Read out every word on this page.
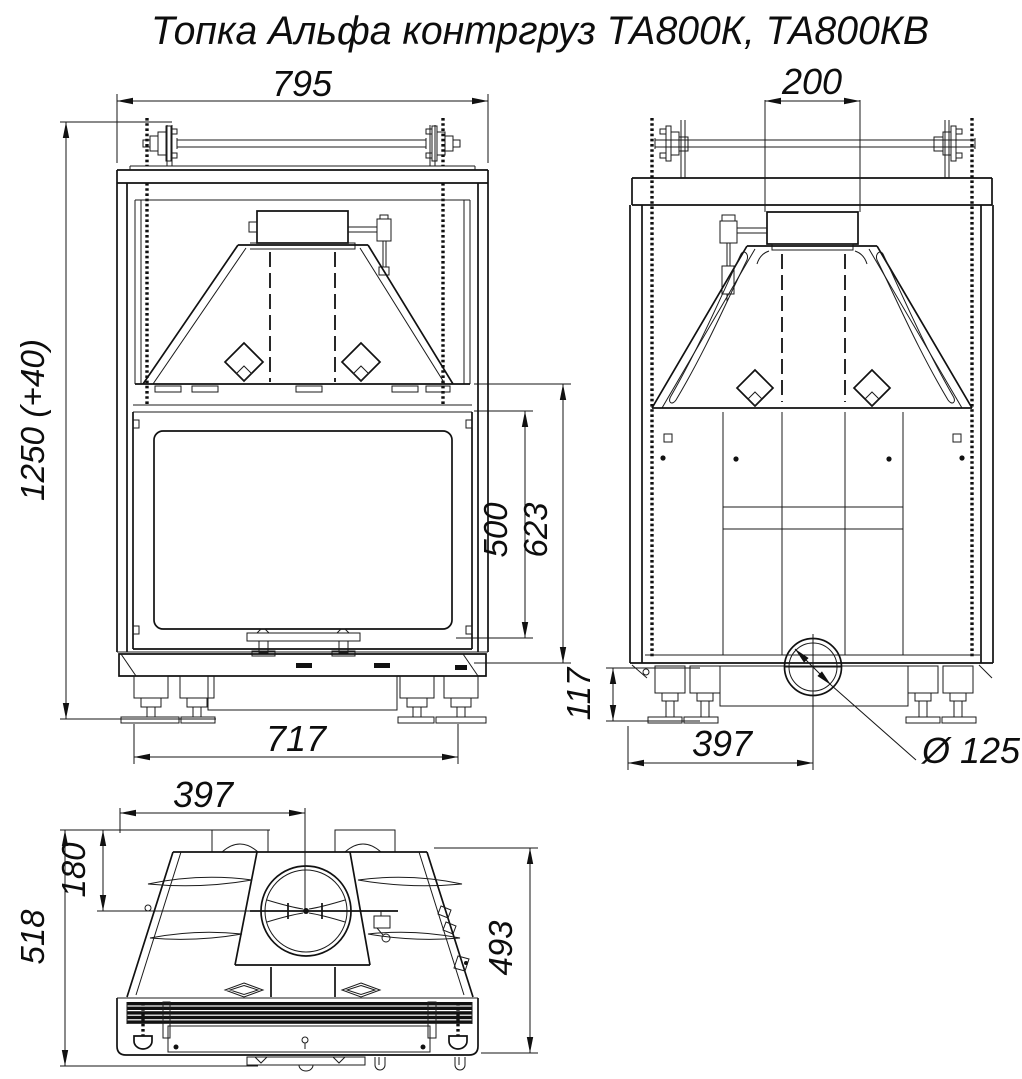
Топка Альфа контргруз ТА800К, ТА800КВ
795
1250 (+40)
717
500 623
200
117
397	Ø 125
397
180
518	493
